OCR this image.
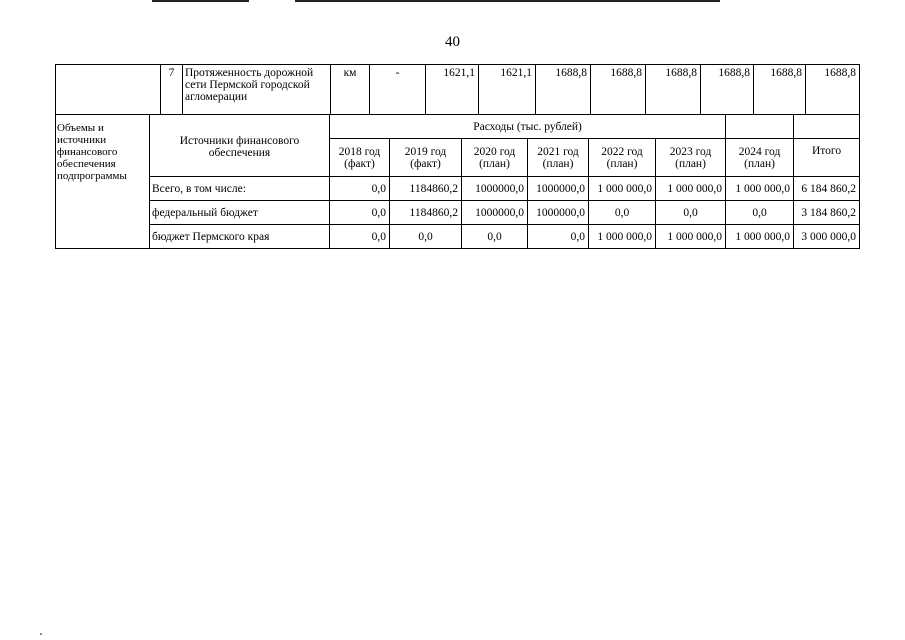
40
	7	Протяженность дорожной сети Пермской городской агломерации	км	-	1621,1	1621,1	1688,8	1688,8	1688,8	1688,8	1688,8	1688,8
Объемы и источники финансового обеспечения подпрограммы	Источники финансового обеспечения	Расходы (тыс. рублей)							
		2018 год (факт)	2019 год (факт)	2020 год (план)	2021 год (план)	2022 год (план)	2023 год (план)	2024 год (план)	Итого
	Всего, в том числе:	0,0	1184860,2	1000000,0	1000000,0	1 000 000,0	1 000 000,0	1 000 000,0	6 184 860,2
	федеральный бюджет	0,0	1184860,2	1000000,0	1000000,0	0,0	0,0	0,0	3 184 860,2
	бюджет Пермского края	0,0	0,0	0,0	0,0	1 000 000,0	1 000 000,0	1 000 000,0	3 000 000,0
